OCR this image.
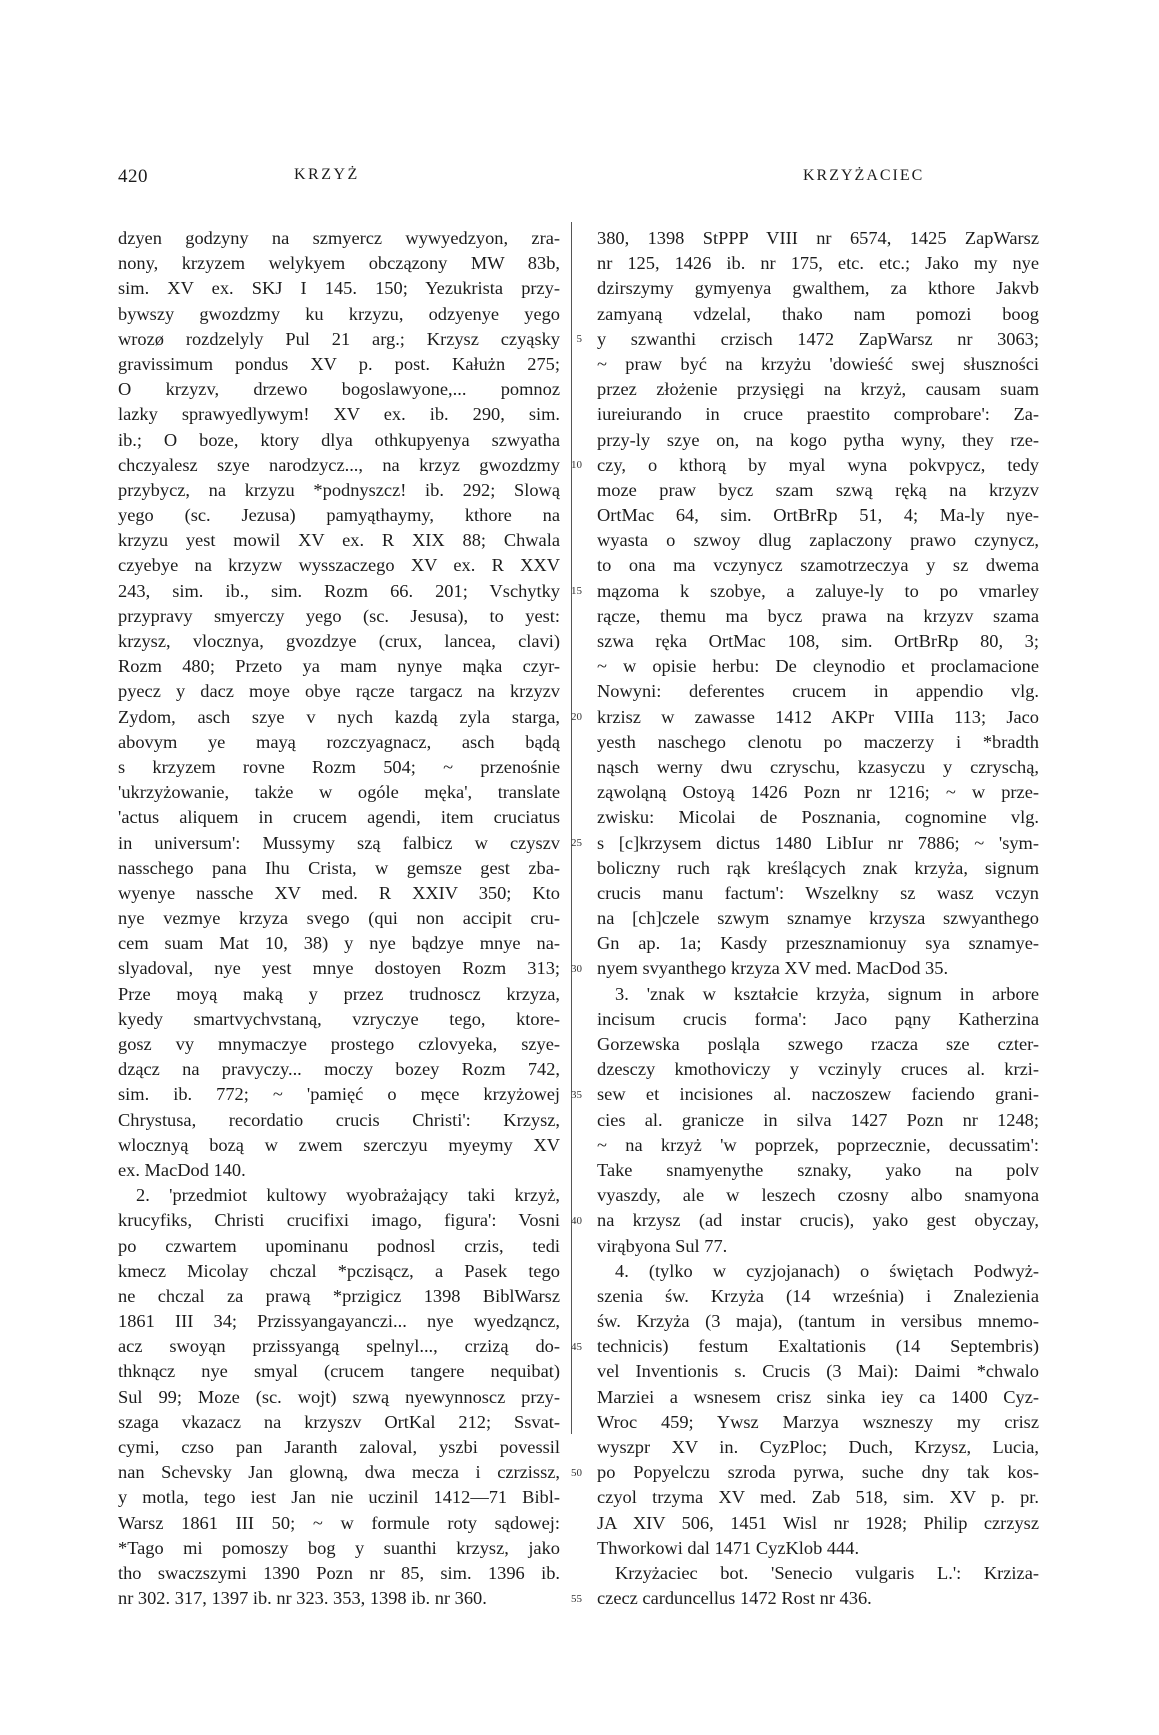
420	KRZYŻ	KRZYŻACIEC
dzyen godzyny na szmyercz wywyedzyon, zra-
nony, krzyzem welykyem obczązony MW 83b,
sim. XV ex. SKJ I 145. 150; Yezukrista przy-
bywszy gwozdzmy ku krzyzu, odzyenye yego
wrozø rozdzelyly Pul 21 arg.; Krzysz czyąsky
gravissimum pondus XV p. post. Kałużn 275;
O krzyzv, drzewo bogoslawyone,... pomnoz
lazky sprawyedlywym! XV ex. ib. 290, sim.
ib.; O boze, ktory dlya othkupyenya szwyatha
chczyalesz szye narodzycz..., na krzyz gwozdzmy
przybycz, na krzyzu *podnyszcz! ib. 292; Slową
yego (sc. Jezusa) pamyąthaymy, kthore na
krzyzu yest mowil XV ex. R XIX 88; Chwala
czyebye na krzyzw wysszaczego XV ex. R XXV
243, sim. ib., sim. Rozm 66. 201; Vschytky
przypravy smyerczy yego (sc. Jesusa), to yest:
krzysz, vlocznya, gvozdzye (crux, lancea, clavi)
Rozm 480; Przeto ya mam nynye mąka czyr-
pyecz y dacz moye obye rącze targacz na krzyzv
Zydom, asch szye v nych kazdą zyla starga,
abovym ye mayą rozczyagnacz, asch bądą
s krzyzem rovne Rozm 504; ~ przenośnie
'ukrzyżowanie, także w ogóle męka', translate
'actus aliquem in crucem agendi, item cruciatus
in universum': Mussymy szą falbicz w czyszv
nasschego pana Ihu Crista, w gemsze gest zba-
wyenye nassche XV med. R XXIV 350; Kto
nye vezmye krzyza svego (qui non accipit cru-
cem suam Mat 10, 38) y nye bądzye mnye na-
slyadoval, nye yest mnye dostoyen Rozm 313;
Prze moyą maką y przez trudnoscz krzyza,
kyedy smartvychvstaną, vzryczye tego, ktore-
gosz vy mnymaczye prostego czlovyeka, szye-
dzącz na pravyczy... moczy bozey Rozm 742,
sim. ib. 772; ~ 'pamięć o męce krzyżowej
Chrystusa, recordatio crucis Christi': Krzysz,
wlocznyą bozą w zwem szerczyu myeymy XV
ex. MacDod 140.
2. 'przedmiot kultowy wyobrażający taki krzyż,
krucyfiks, Christi crucifixi imago, figura': Vosni
po czwartem upominanu podnosl crzis, tedi
kmecz Micolay chczal *pczisącz, a Pasek tego
ne chczal za prawą *przigicz 1398 BiblWarsz
1861 III 34; Przissyangayanczi... nye wyedząncz,
acz swoyąn przissyangą spelnyl..., crzizą do-
thknącz nye smyal (crucem tangere nequibat)
Sul 99; Moze (sc. wojt) szwą nyewynnoscz przy-
szaga vkazacz na krzyszv OrtKal 212; Ssvat-
cymi, czso pan Jaranth zaloval, yszbi povessil
nan Schevsky Jan glowną, dwa mecza i czrzissz,
y motla, tego iest Jan nie uczinil 1412—71 Bibl-
Warsz 1861 III 50; ~ w formule roty sądowej:
*Tago mi pomoszy bog y suanthi krzysz, jako
tho swaczszymi 1390 Pozn nr 85, sim. 1396 ib.
nr 302. 317, 1397 ib. nr 323. 353, 1398 ib. nr 360.
5
10
15
20
25
30
35
40
45
50
55
380, 1398 StPPP VIII nr 6574, 1425 ZapWarsz
nr 125, 1426 ib. nr 175, etc. etc.; Jako my nye
dzirszymy gymyenya gwalthem, za kthore Jakvb
zamyaną vdzelal, thako nam pomozi boog
y szwanthi crzisch 1472 ZapWarsz nr 3063;
~ praw być na krzyżu 'dowieść swej słuszności
przez złożenie przysięgi na krzyż, causam suam
iureiurando in cruce praestito comprobare': Za-
przy-ly szye on, na kogo pytha wyny, they rze-
czy, o kthorą by myal wyna pokvpycz, tedy
moze praw bycz szam szwą ręką na krzyzv
OrtMac 64, sim. OrtBrRp 51, 4; Ma-ly nye-
wyasta o szwoy dlug zaplaczony prawo czynycz,
to ona ma vczynycz szamotrzeczya y sz dwema
mązoma k szobye, a zaluye-ly to po vmarley
rącze, themu ma bycz prawa na krzyzv szama
szwa ręka OrtMac 108, sim. OrtBrRp 80, 3;
~ w opisie herbu: De cleynodio et proclamacione
Nowyni: deferentes crucem in appendio vlg.
krzisz w zawasse 1412 AKPr VIIIa 113; Jaco
yesth naschego clenotu po maczerzy i *bradth
nąsch werny dwu czryschu, kzasyczu y czryschą,
ząwoląną Ostoyą 1426 Pozn nr 1216; ~ w prze-
zwisku: Micolai de Posznania, cognomine vlg.
s [c]krzysem dictus 1480 LibIur nr 7886; ~ 'sym-
boliczny ruch rąk kreślących znak krzyża, signum
crucis manu factum': Wszelkny sz wasz vczyn
na [ch]czele szwym sznamye krzysza szwyanthego
Gn ap. 1a; Kasdy przesznamionuy sya sznamye-
nyem svyanthego krzyza XV med. MacDod 35.
3. 'znak w kształcie krzyża, signum in arbore
incisum crucis forma': Jaco pąny Katherzina
Gorzewska posląla szwego rzacza sze czter-
dzesczy kmothoviczy y vczinyly cruces al. krzi-
sew et incisiones al. naczoszew faciendo grani-
cies al. granicze in silva 1427 Pozn nr 1248;
~ na krzyż 'w poprzek, poprzecznie, decussatim':
Take snamyenythe sznaky, yako na polv
vyaszdy, ale w leszech czosny albo snamyona
na krzysz (ad instar crucis), yako gest obyczay,
virąbyona Sul 77.
4. (tylko w cyzjojanach) o świętach Podwyż-
szenia św. Krzyża (14 września) i Znalezienia
św. Krzyża (3 maja), (tantum in versibus mnemo-
technicis) festum Exaltationis (14 Septembris)
vel Inventionis s. Crucis (3 Mai): Daimi *chwalo
Marziei a wsnesem crisz sinka iey ca 1400 Cyz-
Wroc 459; Ywsz Marzya wszneszy my crisz
wyszpr XV in. CyzPloc; Duch, Krzysz, Lucia,
po Popyelczu szroda pyrwa, suche dny tak kos-
czyol trzyma XV med. Zab 518, sim. XV p. pr.
JA XIV 506, 1451 Wisl nr 1928; Philip czrzysz
Thworkowi dal 1471 CyzKlob 444.
Krzyżaciec bot. 'Senecio vulgaris L.': Krzizа-
czecz carduncellus 1472 Rost nr 436.
